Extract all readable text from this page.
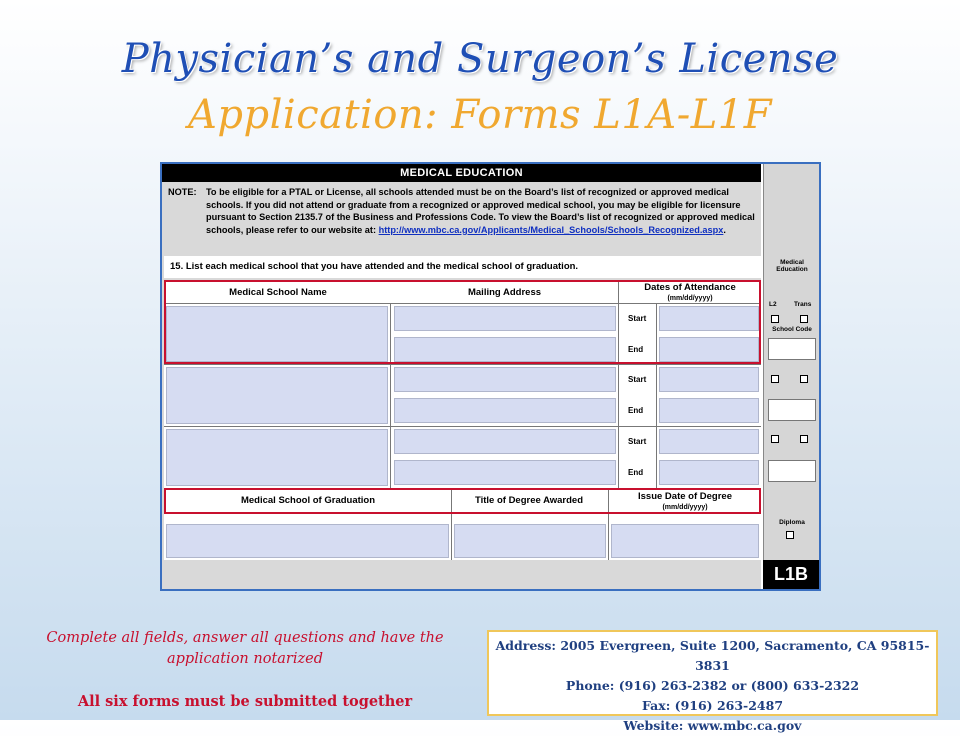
Physician’s and Surgeon’s License
Application: Forms L1A-L1F
MEDICAL EDUCATION
NOTE: To be eligible for a PTAL or License, all schools attended must be on the Board’s list of recognized or approved medical schools. If you did not attend or graduate from a recognized or approved medical school, you may be eligible for licensure pursuant to Section 2135.7 of the Business and Professions Code. To view the Board’s list of recognized or approved medical schools, please refer to our website at: http://www.mbc.ca.gov/Applicants/Medical_Schools/Schools_Recognized.aspx.
15. List each medical school that you have attended and the medical school of graduation.
Medical School Name	Mailing Address	Dates of Attendance
(mm/dd/yyyy)
Start
End
Start
End
Start
End
Medical School of Graduation	Title of Degree Awarded	Issue Date of Degree
(mm/dd/yyyy)
Medical Education
L2	Trans
School Code
Diploma
L1B
Complete all fields, answer all questions and have the application notarized
All six forms must be submitted together
Address: 2005 Evergreen, Suite 1200, Sacramento, CA 95815-3831
Phone: (916) 263-2382 or (800) 633-2322
Fax: (916) 263-2487
Website: www.mbc.ca.gov
